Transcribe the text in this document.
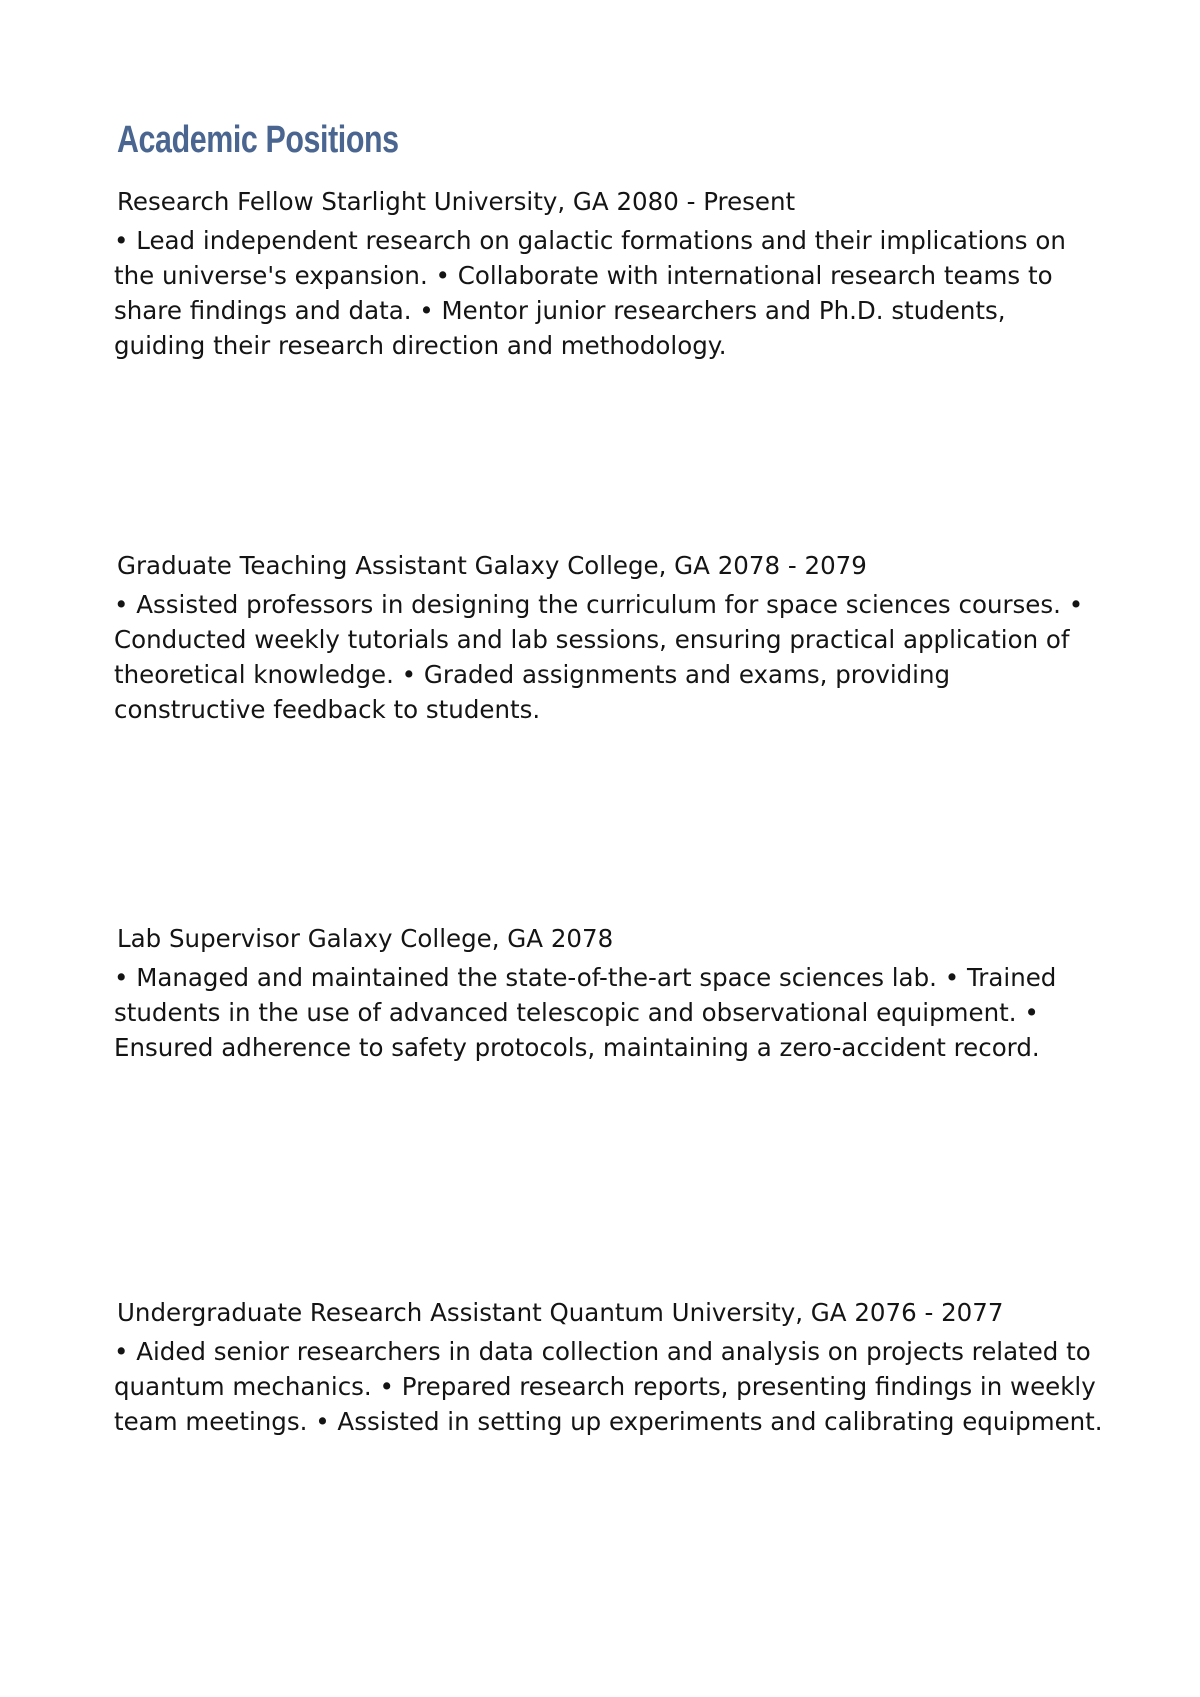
Academic Positions

Research Fellow Starlight University, GA 2080 - Present

• Lead independent research on galactic formations and their implications on the universe's expansion. • Collaborate with international research teams to share findings and data. • Mentor junior researchers and Ph.D. students, guiding their research direction and methodology.

Graduate Teaching Assistant Galaxy College, GA 2078 - 2079

• Assisted professors in designing the curriculum for space sciences courses. • Conducted weekly tutorials and lab sessions, ensuring practical application of theoretical knowledge. • Graded assignments and exams, providing constructive feedback to students.

Lab Supervisor Galaxy College, GA 2078

• Managed and maintained the state-of-the-art space sciences lab. • Trained students in the use of advanced telescopic and observational equipment. • Ensured adherence to safety protocols, maintaining a zero-accident record.

Undergraduate Research Assistant Quantum University, GA 2076 - 2077

• Aided senior researchers in data collection and analysis on projects related to quantum mechanics. • Prepared research reports, presenting findings in weekly team meetings. • Assisted in setting up experiments and calibrating equipment.
